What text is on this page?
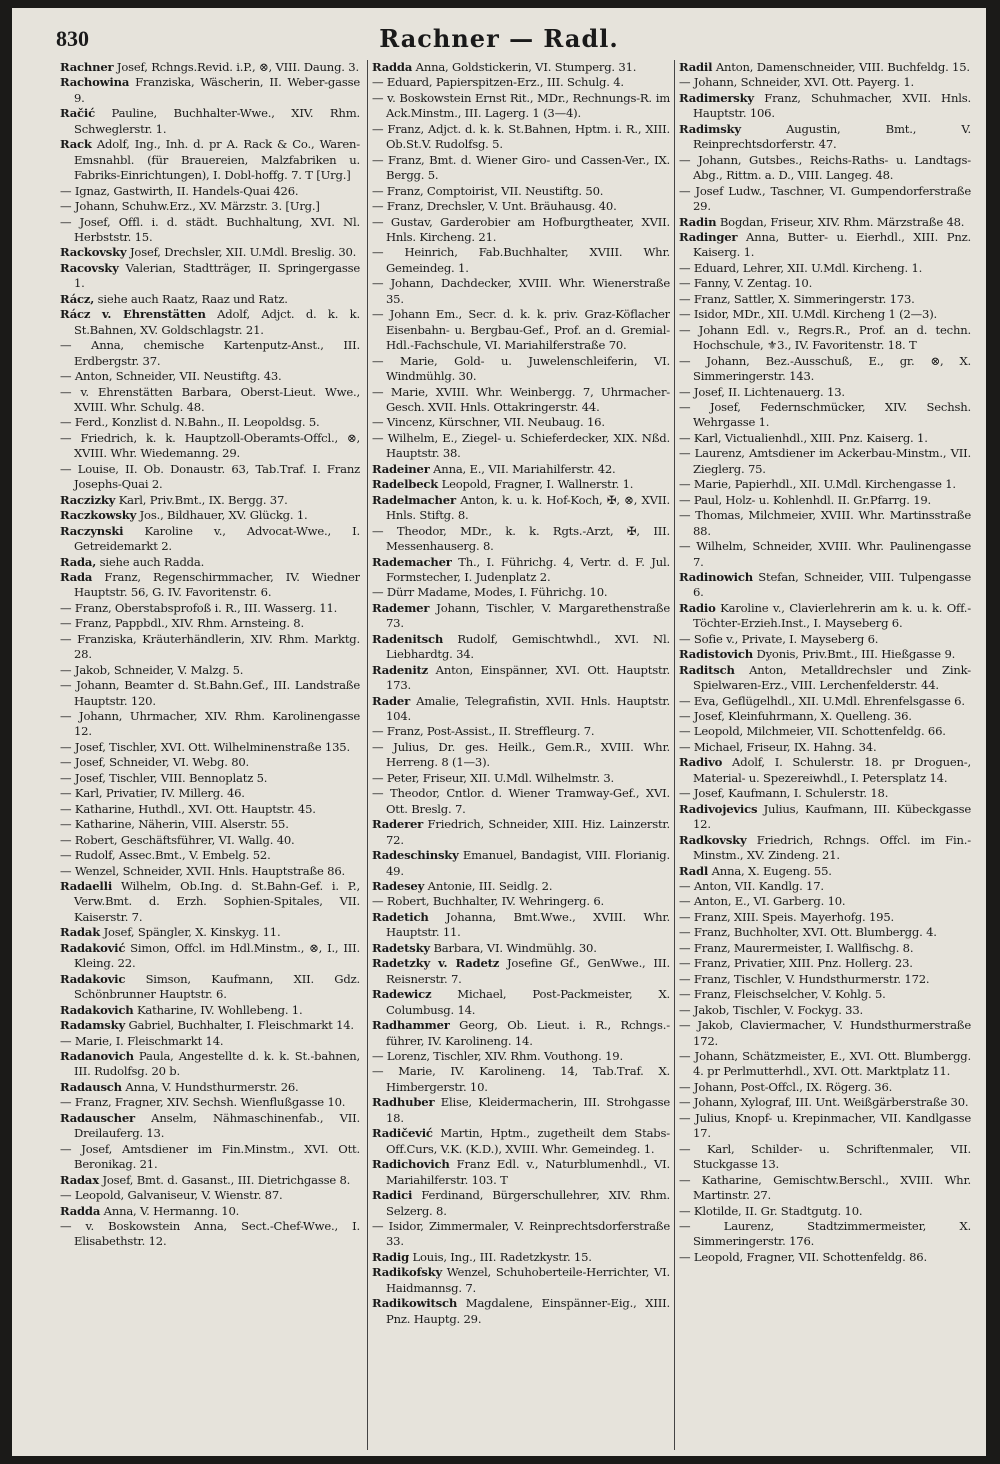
830	Rachner — Radl.
Rachner Josef, Rchngs.Revid. i.P., ⊗, VIII. Daung. 3.
Rachowina Franziska, Wäscherin, II. Weber-gasse 9.
Račić Pauline, Buchhalter-Wwe., XIV. Rhm. Schweglerstr. 1.
Rack Adolf, Ing., Inh. d. pr A. Rack & Co., Waren-Emsnahbl. (für Brauereien, Malzfabriken u. Fabriks-Einrichtungen), I. Dobl-hoffg. 7. T [Urg.]
— Ignaz, Gastwirth, II. Handels-Quai 426.
— Johann, Schuhw.Erz., XV. Märzstr. 3. [Urg.]
— Josef, Offl. i. d. städt. Buchhaltung, XVI. Nl. Herbststr. 15.
Rackovsky Josef, Drechsler, XII. U.Mdl. Breslig. 30.
Racovsky Valerian, Stadtträger, II. Springergasse 1.
Rácz, siehe auch Raatz, Raaz und Ratz.
Rácz v. Ehrenstätten Adolf, Adjct. d. k. k. St.Bahnen, XV. Goldschlagstr. 21.
— Anna, chemische Kartenputz-Anst., III. Erdbergstr. 37.
— Anton, Schneider, VII. Neustiftg. 43.
— v. Ehrenstätten Barbara, Oberst-Lieut. Wwe., XVIII. Whr. Schulg. 48.
— Ferd., Konzlist d. N.Bahn., II. Leopoldsg. 5.
— Friedrich, k. k. Hauptzoll-Oberamts-Offcl., ⊗, XVIII. Whr. Wiedemanng. 29.
— Louise, II. Ob. Donaustr. 63, Tab.Traf. I. Franz Josephs-Quai 2.
Raczizky Karl, Priv.Bmt., IX. Bergg. 37.
Raczkowsky Jos., Bildhauer, XV. Glückg. 1.
Raczynski Karoline v., Advocat-Wwe., I. Getreidemarkt 2.
Rada, siehe auch Radda.
Rada Franz, Regenschirmmacher, IV. Wiedner Hauptstr. 56, G. IV. Favoritenstr. 6.
— Franz, Oberstabsprofoß i. R., III. Wasserg. 11.
— Franz, Pappbdl., XIV. Rhm. Arnsteing. 8.
— Franziska, Kräuterhändlerin, XIV. Rhm. Marktg. 28.
— Jakob, Schneider, V. Malzg. 5.
— Johann, Beamter d. St.Bahn.Gef., III. Landstraße Hauptstr. 120.
— Johann, Uhrmacher, XIV. Rhm. Karolinengasse 12.
— Josef, Tischler, XVI. Ott. Wilhelminenstraße 135.
— Josef, Schneider, VI. Webg. 80.
— Josef, Tischler, VIII. Bennoplatz 5.
— Karl, Privatier, IV. Millerg. 46.
— Katharine, Huthdl., XVI. Ott. Hauptstr. 45.
— Katharine, Näherin, VIII. Alserstr. 55.
— Robert, Geschäftsführer, VI. Wallg. 40.
— Rudolf, Assec.Bmt., V. Embelg. 52.
— Wenzel, Schneider, XVII. Hnls. Hauptstraße 86.
Radaelli Wilhelm, Ob.Ing. d. St.Bahn-Gef. i. P., Verw.Bmt. d. Erzh. Sophien-Spitales, VII. Kaiserstr. 7.
Radak Josef, Spängler, X. Kinskyg. 11.
Radaković Simon, Offcl. im Hdl.Minstm., ⊗, I., III. Kleing. 22.
Radakovic Simson, Kaufmann, XII. Gdz. Schönbrunner Hauptstr. 6.
Radakovich Katharine, IV. Wohllebeng. 1.
Radamsky Gabriel, Buchhalter, I. Fleischmarkt 14.
— Marie, I. Fleischmarkt 14.
Radanovich Paula, Angestellte d. k. k. St.-bahnen, III. Rudolfsg. 20 b.
Radausch Anna, V. Hundsthurmerstr. 26.
— Franz, Fragner, XIV. Sechsh. Wienflußgasse 10.
Radauscher Anselm, Nähmaschinenfab., VII. Dreilauferg. 13.
— Josef, Amtsdiener im Fin.Minstm., XVI. Ott. Beronikag. 21.
Radax Josef, Bmt. d. Gasanst., III. Dietrichgasse 8.
— Leopold, Galvaniseur, V. Wienstr. 87.
Radda Anna, V. Hermanng. 10.
— v. Boskowstein Anna, Sect.-Chef-Wwe., I. Elisabethstr. 12.
Radda Anna, Goldstickerin, VI. Stumperg. 31.
— Eduard, Papierspitzen-Erz., III. Schulg. 4.
— v. Boskowstein Ernst Rit., MDr., Rechnungs-R. im Ack.Minstm., III. Lagerg. 1 (3—4).
— Franz, Adjct. d. k. k. St.Bahnen, Hptm. i. R., XIII. Ob.St.V. Rudolfsg. 5.
— Franz, Bmt. d. Wiener Giro- und Cassen-Ver., IX. Bergg. 5.
— Franz, Comptoirist, VII. Neustiftg. 50.
— Franz, Drechsler, V. Unt. Bräuhausg. 40.
— Gustav, Garderobier am Hofburgtheater, XVII. Hnls. Kircheng. 21.
— Heinrich, Fab.Buchhalter, XVIII. Whr. Gemeindeg. 1.
— Johann, Dachdecker, XVIII. Whr. Wienerstraße 35.
— Johann Em., Secr. d. k. k. priv. Graz-Köflacher Eisenbahn- u. Bergbau-Gef., Prof. an d. Gremial-Hdl.-Fachschule, VI. Mariahilferstraße 70.
— Marie, Gold- u. Juwelenschleiferin, VI. Windmühlg. 30.
— Marie, XVIII. Whr. Weinbergg. 7, Uhrmacher-Gesch. XVII. Hnls. Ottakringerstr. 44.
— Vincenz, Kürschner, VII. Neubaug. 16.
— Wilhelm, E., Ziegel- u. Schieferdecker, XIX. Nßd. Hauptstr. 38.
Radeiner Anna, E., VII. Mariahilferstr. 42.
Radelbeck Leopold, Fragner, I. Wallnerstr. 1.
Radelmacher Anton, k. u. k. Hof-Koch, ✠, ⊗, XVII. Hnls. Stiftg. 8.
— Theodor, MDr., k. k. Rgts.-Arzt, ✠, III. Messenhauserg. 8.
Rademacher Th., I. Führichg. 4, Vertr. d. F. Jul. Formstecher, I. Judenplatz 2.
— Dürr Madame, Modes, I. Führichg. 10.
Rademer Johann, Tischler, V. Margarethenstraße 73.
Radenitsch Rudolf, Gemischtwhdl., XVI. Nl. Liebhardtg. 34.
Radenitz Anton, Einspänner, XVI. Ott. Hauptstr. 173.
Rader Amalie, Telegrafistin, XVII. Hnls. Hauptstr. 104.
— Franz, Post-Assist., II. Streffleurg. 7.
— Julius, Dr. ges. Heilk., Gem.R., XVIII. Whr. Herreng. 8 (1—3).
— Peter, Friseur, XII. U.Mdl. Wilhelmstr. 3.
— Theodor, Cntlor. d. Wiener Tramway-Gef., XVI. Ott. Breslg. 7.
Raderer Friedrich, Schneider, XIII. Hiz. Lainzerstr. 72.
Radeschinsky Emanuel, Bandagist, VIII. Florianig. 49.
Radesey Antonie, III. Seidlg. 2.
— Robert, Buchhalter, IV. Wehringerg. 6.
Radetich Johanna, Bmt.Wwe., XVIII. Whr. Hauptstr. 11.
Radetsky Barbara, VI. Windmühlg. 30.
Radetzky v. Radetz Josefine Gf., GenWwe., III. Reisnerstr. 7.
Radewicz Michael, Post-Packmeister, X. Columbusg. 14.
Radhammer Georg, Ob. Lieut. i. R., Rchngs.-führer, IV. Karolineng. 14.
— Lorenz, Tischler, XIV. Rhm. Vouthong. 19.
— Marie, IV. Karolineng. 14, Tab.Traf. X. Himbergerstr. 10.
Radhuber Elise, Kleidermacherin, III. Strohgasse 18.
Radičević Martin, Hptm., zugetheilt dem Stabs-Off.Curs, V.K. (K.D.), XVIII. Whr. Gemeindeg. 1.
Radichovich Franz Edl. v., Naturblumenhdl., VI. Mariahilferstr. 103. T
Radici Ferdinand, Bürgerschullehrer, XIV. Rhm. Selzerg. 8.
— Isidor, Zimmermaler, V. Reinprechtsdorferstraße 33.
Radig Louis, Ing., III. Radetzkystr. 15.
Radikofsky Wenzel, Schuhoberteile-Herrichter, VI. Haidmannsg. 7.
Radikowitsch Magdalene, Einspänner-Eig., XIII. Pnz. Hauptg. 29.
Radil Anton, Damenschneider, VIII. Buchfeldg. 15.
— Johann, Schneider, XVI. Ott. Payerg. 1.
Radimersky Franz, Schuhmacher, XVII. Hnls. Hauptstr. 106.
Radimsky	Augustin, Bmt., V. Reinprechtsdorferstr. 47.
— Johann, Gutsbes., Reichs-Raths- u. Landtags-Abg., Rittm. a. D., VIII. Langeg. 48.
— Josef Ludw., Taschner, VI. Gumpendorferstraße 29.
Radin Bogdan, Friseur, XIV. Rhm. Märzstraße 48.
Radinger Anna, Butter- u. Eierhdl., XIII. Pnz. Kaiserg. 1.
— Eduard, Lehrer, XII. U.Mdl. Kircheng. 1.
— Fanny, V. Zentag. 10.
— Franz, Sattler, X. Simmeringerstr. 173.
— Isidor, MDr., XII. U.Mdl. Kircheng 1 (2—3).
— Johann Edl. v., Regrs.R., Prof. an d. techn. Hochschule, ⚜3., IV. Favoritenstr. 18. T
— Johann, Bez.-Ausschuß, E., gr. ⊗, X. Simmeringerstr. 143.
— Josef, II. Lichtenauerg. 13.
— Josef, Federnschmücker, XIV. Sechsh. Wehrgasse 1.
— Karl, Victualienhdl., XIII. Pnz. Kaiserg. 1.
— Laurenz, Amtsdiener im Ackerbau-Minstm., VII. Zieglerg. 75.
— Marie, Papierhdl., XII. U.Mdl. Kirchengasse 1.
— Paul, Holz- u. Kohlenhdl. II. Gr.Pfarrg. 19.
— Thomas, Milchmeier, XVIII. Whr. Martinsstraße 88.
— Wilhelm, Schneider, XVIII. Whr. Paulinengasse 7.
Radinowich Stefan, Schneider, VIII. Tulpengasse 6.
Radio Karoline v., Clavierlehrerin am k. u. k. Off.-Töchter-Erzieh.Inst., I. Mayseberg 6.
— Sofie v., Private, I. Mayseberg 6.
Radistovich Dyonis, Priv.Bmt., III. Hießgasse 9.
Raditsch Anton, Metalldrechsler und Zink-Spielwaren-Erz., VIII. Lerchenfelderstr. 44.
— Eva, Geflügelhdl., XII. U.Mdl. Ehrenfelsgasse 6.
— Josef, Kleinfuhrmann, X. Quelleng. 36.
— Leopold, Milchmeier, VII. Schottenfeldg. 66.
— Michael, Friseur, IX. Hahng. 34.
Radivo Adolf, I. Schulerstr. 18. pr Droguen-, Material- u. Spezereiwhdl., I. Petersplatz 14.
— Josef, Kaufmann, I. Schulerstr. 18.
Radivojevics Julius, Kaufmann, III. Kübeckgasse 12.
Radkovsky Friedrich, Rchngs. Offcl. im Fin.-Minstm., XV. Zindeng. 21.
Radl Anna, X. Eugeng. 55.
— Anton, VII. Kandlg. 17.
— Anton, E., VI. Garberg. 10.
— Franz, XIII. Speis. Mayerhofg. 195.
— Franz, Buchholter, XVI. Ott. Blumbergg. 4.
— Franz, Maurermeister, I. Wallfischg. 8.
— Franz, Privatier, XIII. Pnz. Hollerg. 23.
— Franz, Tischler, V. Hundsthurmerstr. 172.
— Franz, Fleischselcher, V. Kohlg. 5.
— Jakob, Tischler, V. Fockyg. 33.
— Jakob, Claviermacher, V. Hundsthurmerstraße 172.
— Johann, Schätzmeister, E., XVI. Ott. Blumbergg. 4. pr Perlmutterhdl., XVI. Ott. Marktplatz 11.
— Johann, Post-Offcl., IX. Rögerg. 36.
— Johann, Xylograf, III. Unt. Weißgärberstraße 30.
— Julius, Knopf- u. Krepinmacher, VII. Kandlgasse 17.
— Karl, Schilder- u. Schriftenmaler, VII. Stuckgasse 13.
— Katharine, Gemischtw.Berschl., XVIII. Whr. Martinstr. 27.
— Klotilde, II. Gr. Stadtgutg. 10.
— Laurenz, Stadtzimmermeister, X. Simmeringerstr. 176.
— Leopold, Fragner, VII. Schottenfeldg. 86.
